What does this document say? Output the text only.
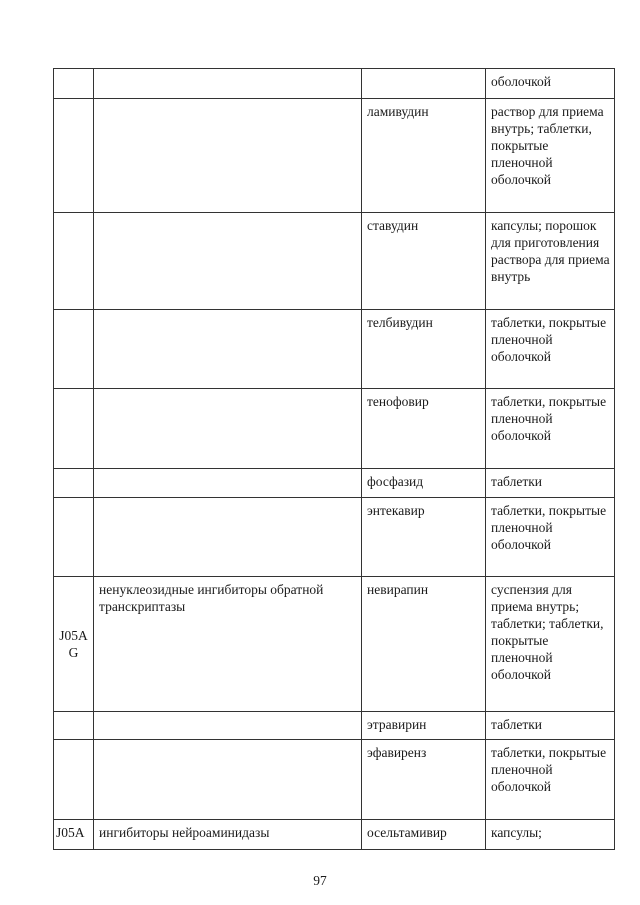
			оболочкой
		ламивудин	раствор для приема внутрь; таблетки, покрытые пленочной оболочкой
		ставудин	капсулы; порошок для приготовления раствора для приема внутрь
		телбивудин	таблетки, покрытые пленочной оболочкой
		тенофовир	таблетки, покрытые пленочной оболочкой
		фосфазид	таблетки
		энтекавир	таблетки, покрытые пленочной оболочкой
J05A G	ненуклеозидные ингибиторы обратной транскриптазы	невирапин	суспензия для приема внутрь; таблетки; таблетки, покрытые пленочной оболочкой
		этравирин	таблетки
		эфавиренз	таблетки, покрытые пленочной оболочкой
J05A	ингибиторы нейроаминидазы	осельтамивир	капсулы;
97
